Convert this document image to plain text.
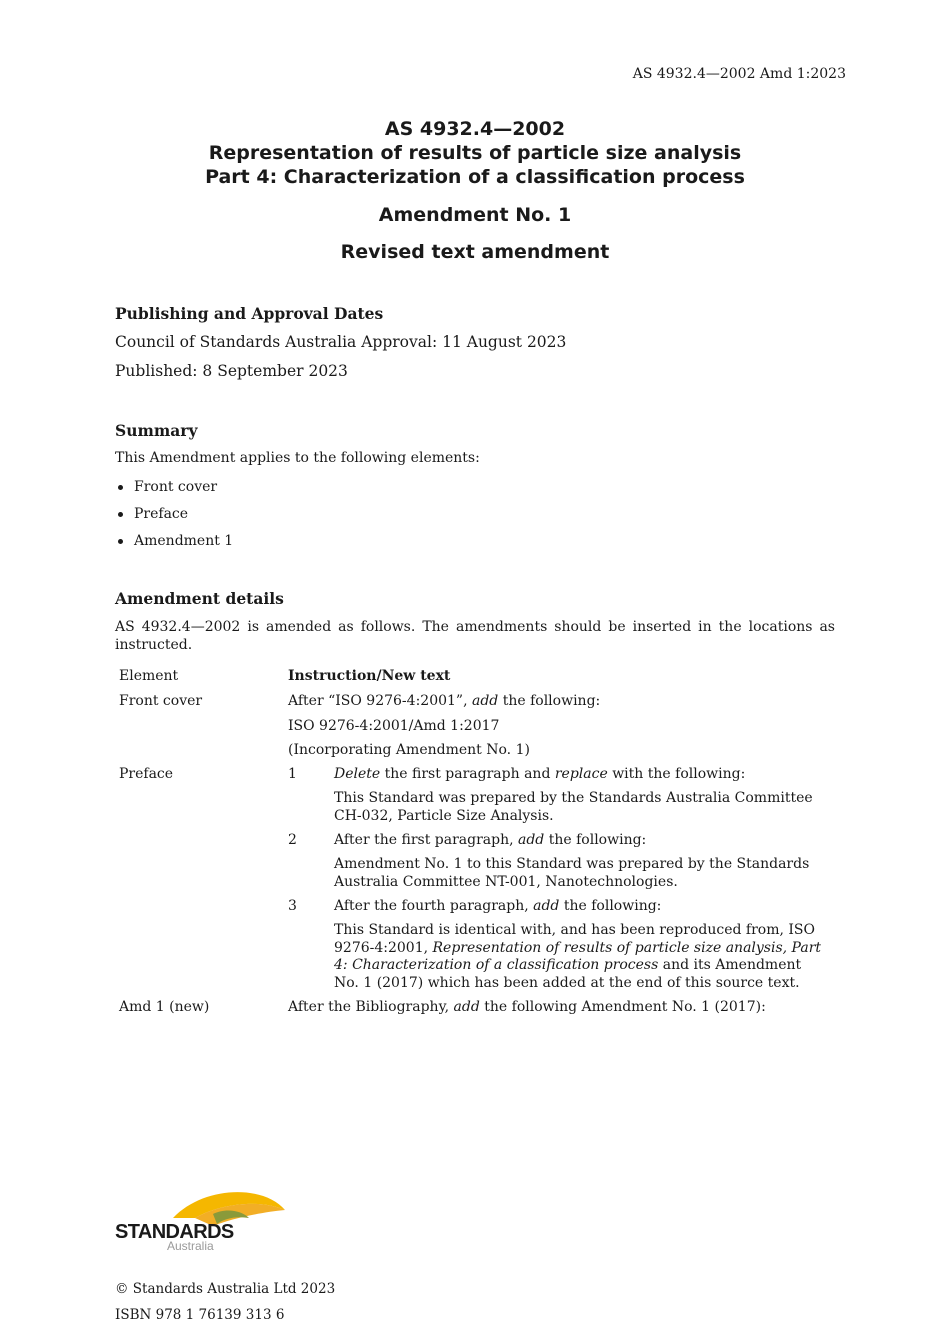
AS 4932.4—2002 Amd 1:2023
AS 4932.4—2002
Representation of results of particle size analysis
Part 4: Characterization of a classification process
Amendment No. 1
Revised text amendment
Publishing and Approval Dates
Council of Standards Australia Approval: 11 August 2023
Published: 8 September 2023
Summary
This Amendment applies to the following elements:
Front cover
Preface
Amendment 1
Amendment details
AS 4932.4—2002 is amended as follows. The amendments should be inserted in the locations as instructed.
Element	Instruction/New text
Front cover	After “ISO 9276-4:2001”, add the following:
ISO 9276-4:2001/Amd 1:2017
(Incorporating Amendment No. 1)
Preface	1	Delete the first paragraph and replace with the following:
This Standard was prepared by the Standards Australia Committee CH-032, Particle Size Analysis.
2	After the first paragraph, add the following:
Amendment No. 1 to this Standard was prepared by the Standards Australia Committee NT-001, Nanotechnologies.
3	After the fourth paragraph, add the following:
This Standard is identical with, and has been reproduced from, ISO 9276-4:2001, Representation of results of particle size analysis, Part 4: Characterization of a classification process and its Amendment No. 1 (2017) which has been added at the end of this source text.
Amd 1 (new)	After the Bibliography, add the following Amendment No. 1 (2017):
STANDARDS
Australia
© Standards Australia Ltd 2023
ISBN 978 1 76139 313 6
